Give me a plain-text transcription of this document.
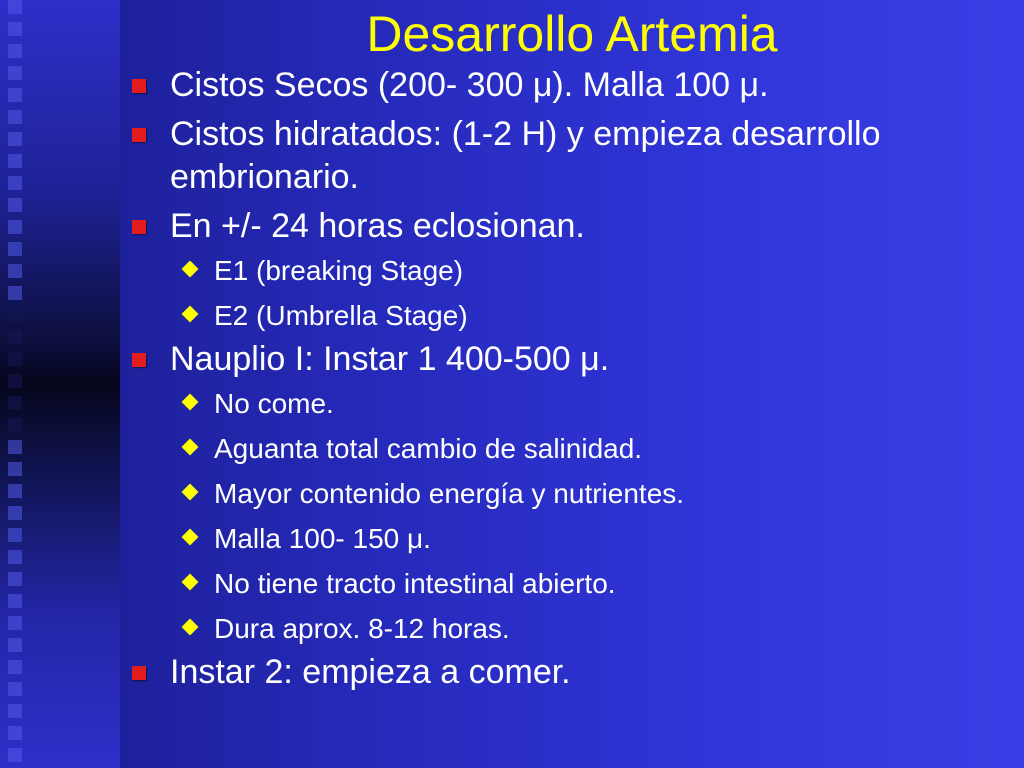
Desarrollo Artemia
Cistos Secos (200- 300 μ). Malla 100 μ.
Cistos hidratados: (1-2 H) y empieza desarrollo embrionario.
En +/- 24 horas eclosionan.
E1 (breaking Stage)
E2 (Umbrella Stage)
Nauplio I: Instar 1 400-500 μ.
No come.
Aguanta total cambio de salinidad.
Mayor contenido energía y nutrientes.
Malla 100- 150 μ.
No tiene tracto intestinal abierto.
Dura aprox. 8-12 horas.
Instar 2: empieza a comer.
